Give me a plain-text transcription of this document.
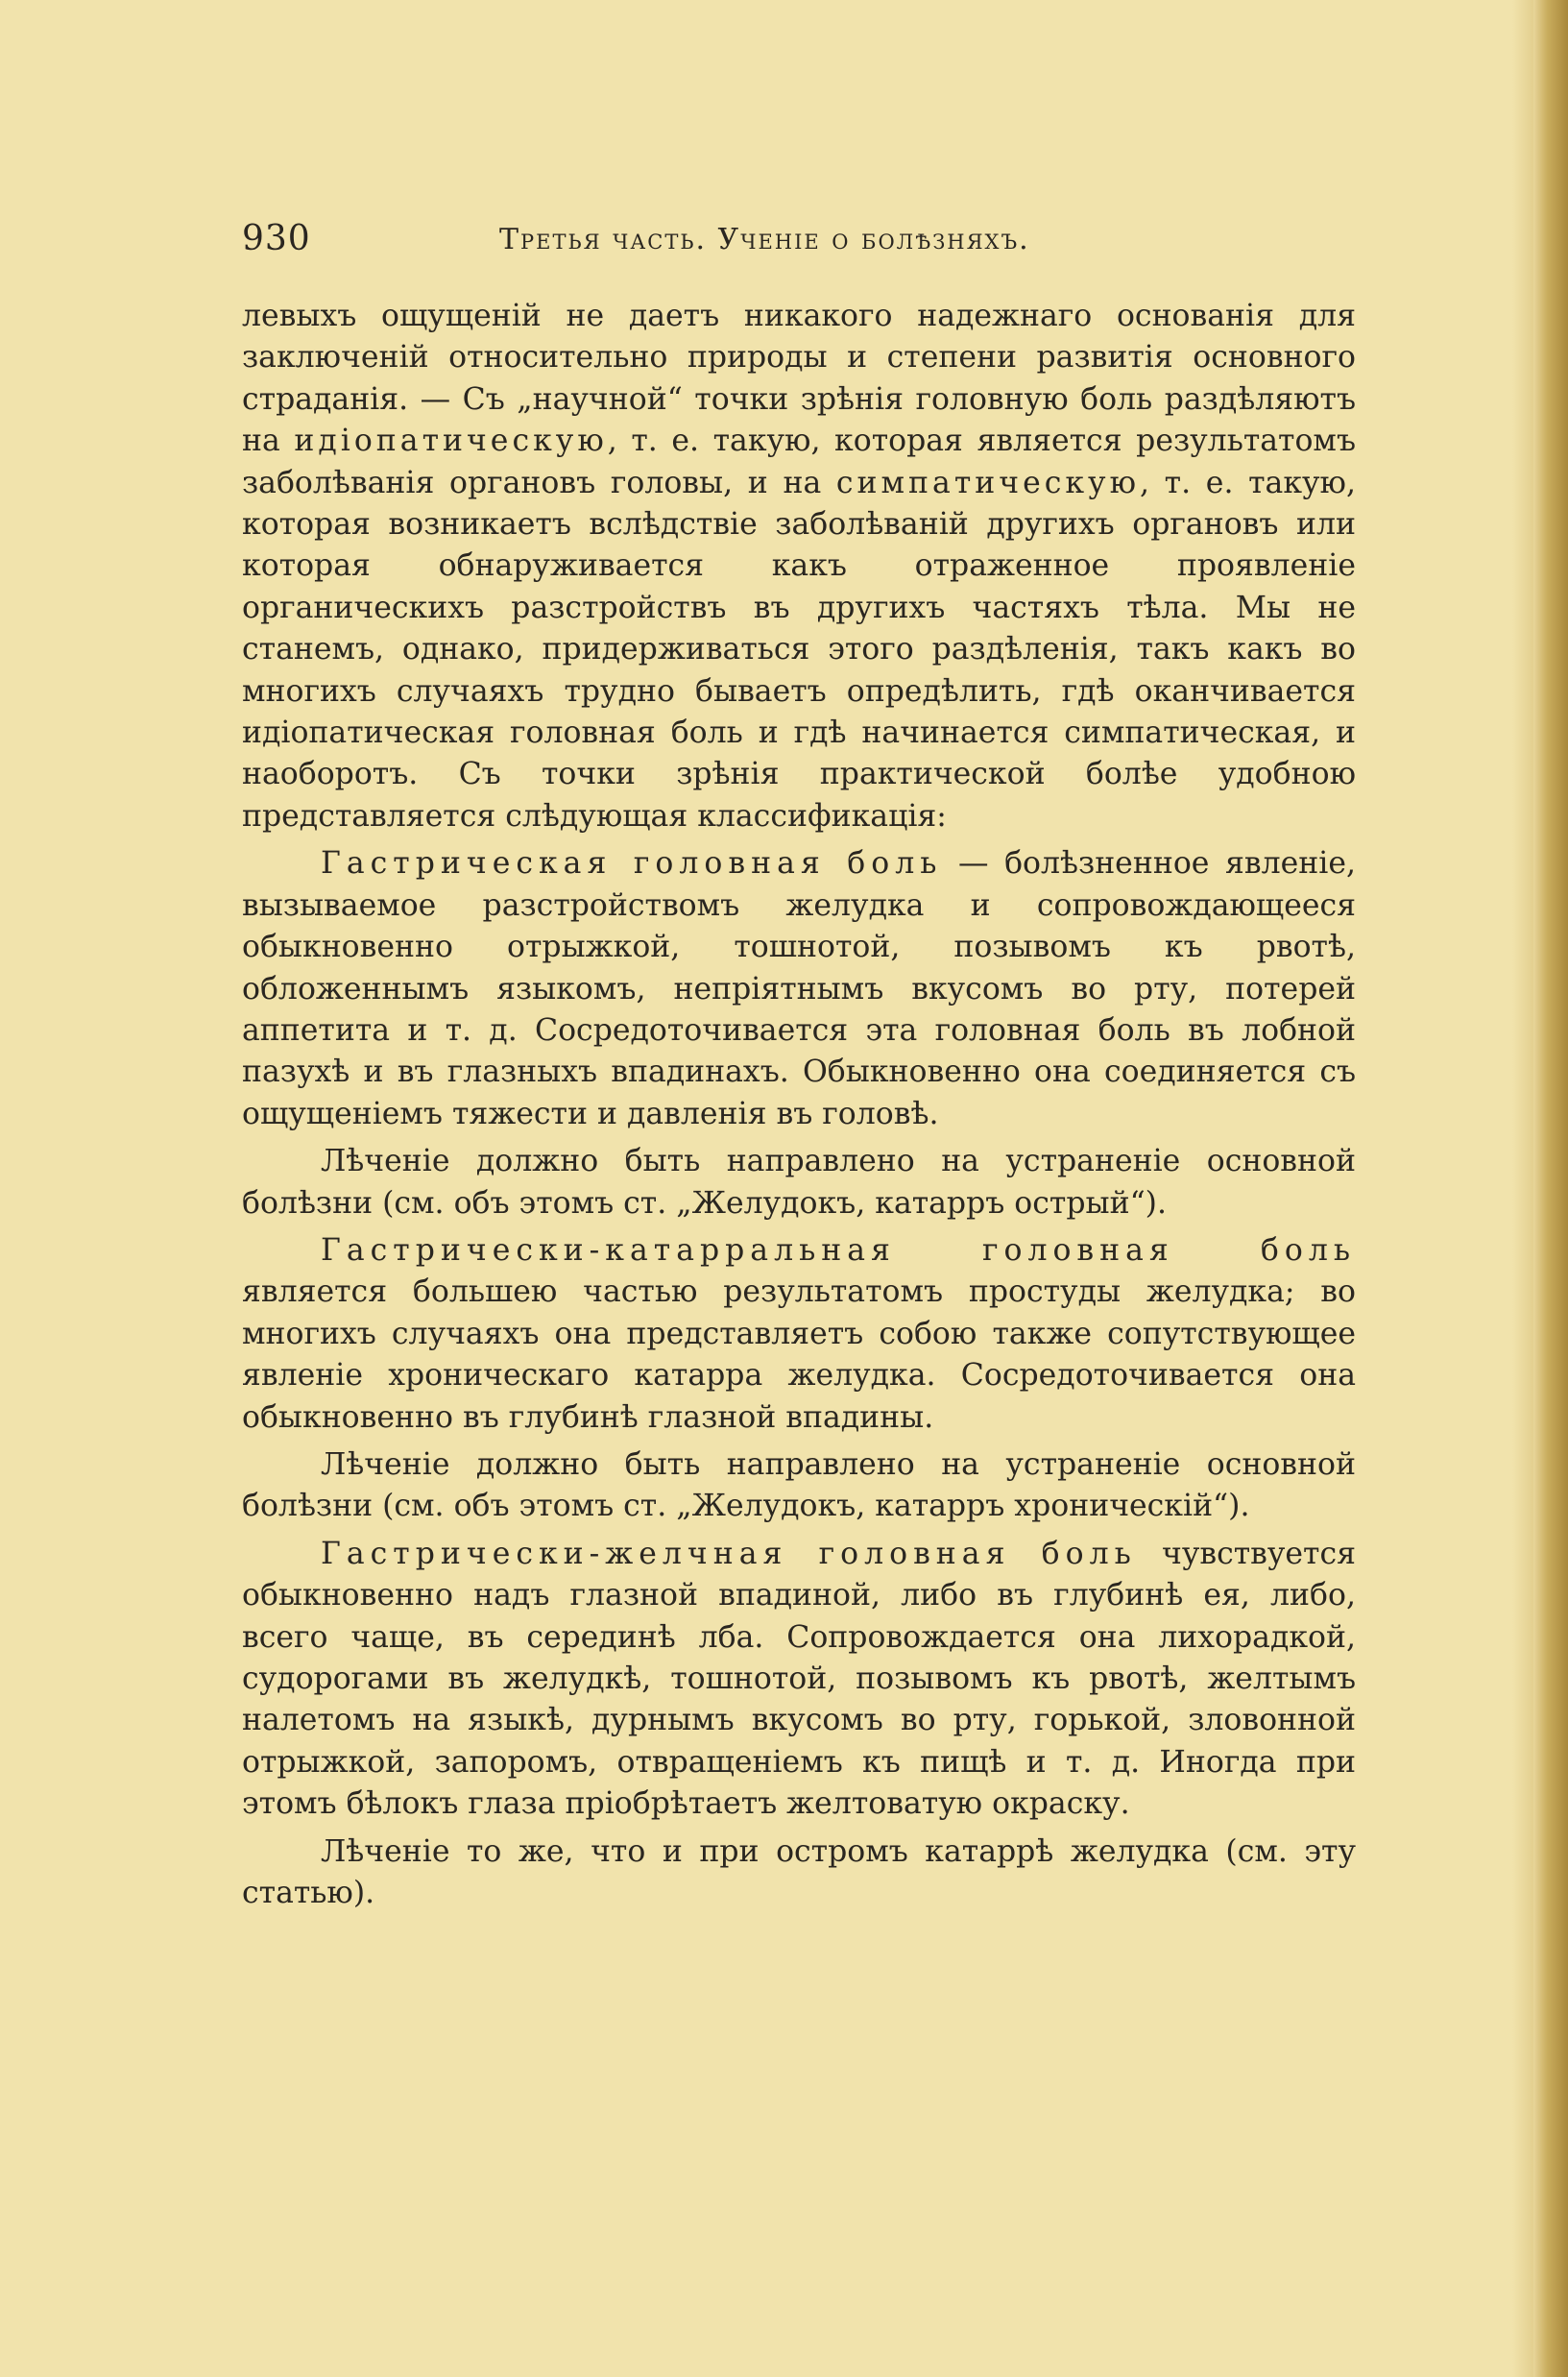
930	Третья часть. Ученіе о болѣзняхъ.

левыхъ ощущеній не даетъ никакого надежнаго основанія для заключеній относительно природы и степени развитія основного страданія. — Съ „научной“ точки зрѣнія головную боль раздѣляютъ на идіопатическую, т. е. такую, которая является результатомъ заболѣванія органовъ головы, и на симпатическую, т. е. такую, которая возникаетъ вслѣдствіе заболѣваній другихъ органовъ или которая обнаруживается какъ отраженное проявленіе органическихъ разстройствъ въ другихъ частяхъ тѣла. Мы не станемъ, однако, придерживаться этого раздѣленія, такъ какъ во многихъ случаяхъ трудно бываетъ опредѣлить, гдѣ оканчивается идіопатическая головная боль и гдѣ начинается симпатическая, и наоборотъ. Съ точки зрѣнія практической болѣе удобною представляется слѣдующая классификація:

Гастрическая головная боль — болѣзненное явленіе, вызываемое разстройствомъ желудка и сопровождающееся обыкновенно отрыжкой, тошнотой, позывомъ къ рвотѣ, обложеннымъ языкомъ, непріятнымъ вкусомъ во рту, потерей аппетита и т. д. Сосредоточивается эта головная боль въ лобной пазухѣ и въ глазныхъ впадинахъ. Обыкновенно она соединяется съ ощущеніемъ тяжести и давленія въ головѣ.

Лѣченіе должно быть направлено на устраненіе основной болѣзни (см. объ этомъ ст. „Желудокъ, катарръ острый“).

Гастрически-катарральная головная боль является большею частью результатомъ простуды желудка; во многихъ случаяхъ она представляетъ собою также сопутствующее явленіе хроническаго катарра желудка. Сосредоточивается она обыкновенно въ глубинѣ глазной впадины.

Лѣченіе должно быть направлено на устраненіе основной болѣзни (см. объ этомъ ст. „Желудокъ, катарръ хроническій“).

Гастрически-желчная головная боль чувствуется обыкновенно надъ глазной впадиной, либо въ глубинѣ ея, либо, всего чаще, въ серединѣ лба. Сопровождается она лихорадкой, судорогами въ желудкѣ, тошнотой, позывомъ къ рвотѣ, желтымъ налетомъ на языкѣ, дурнымъ вкусомъ во рту, горькой, зловонной отрыжкой, запоромъ, отвращеніемъ къ пищѣ и т. д. Иногда при этомъ бѣлокъ глаза пріобрѣтаетъ желтоватую окраску.

Лѣченіе то же, что и при остромъ катаррѣ желудка (см. эту статью).
